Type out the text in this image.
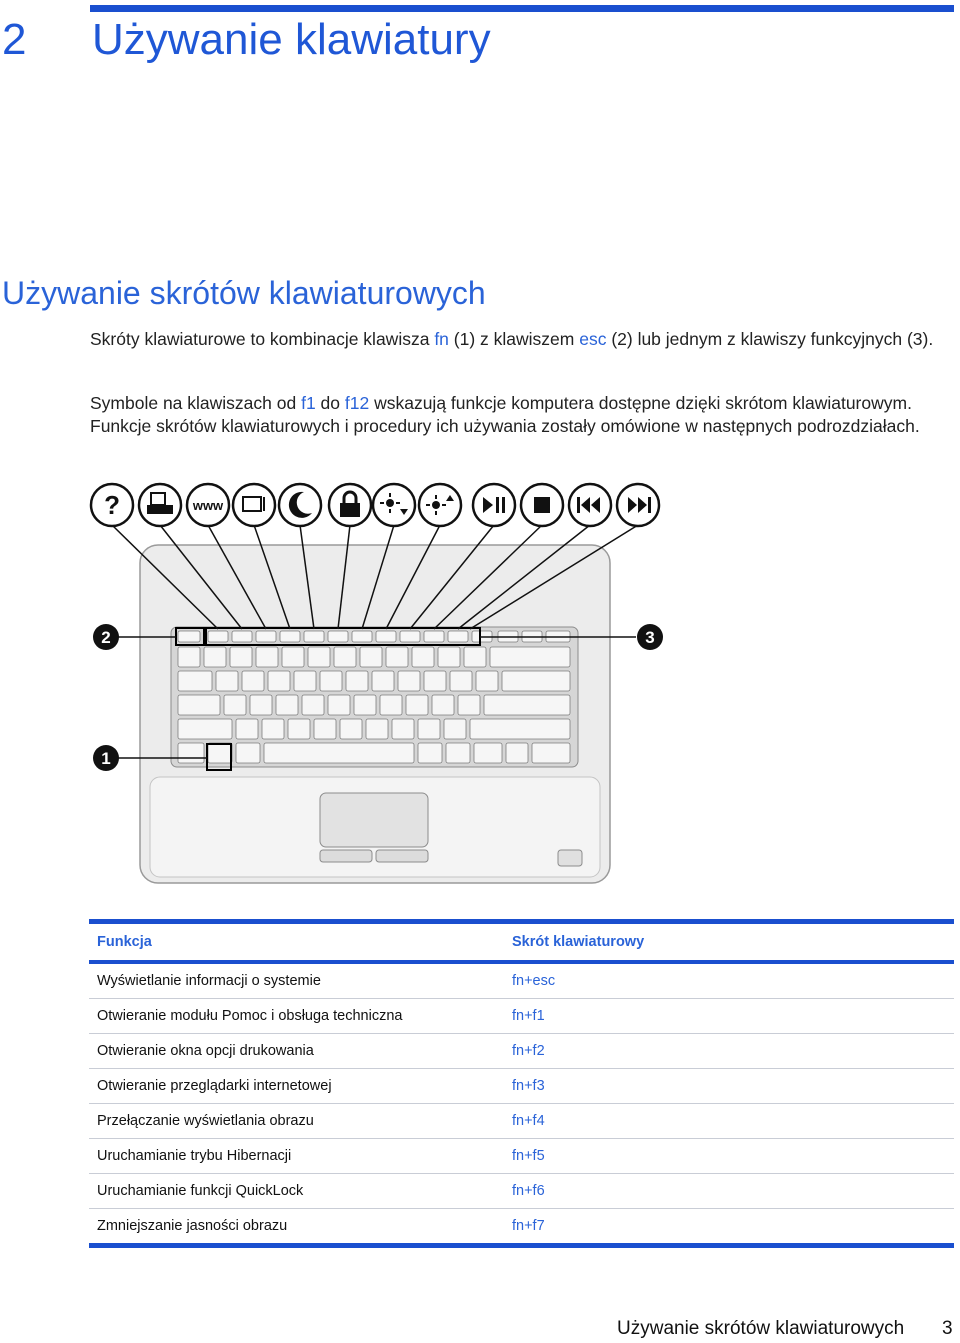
2 Używanie klawiatury
Używanie skrótów klawiaturowych
Skróty klawiaturowe to kombinacje klawisza fn (1) z klawiszem esc (2) lub jednym z klawiszy funkcyjnych (3).
Symbole na klawiszach od f1 do f12 wskazują funkcje komputera dostępne dzięki skrótom klawiaturowym. Funkcje skrótów klawiaturowych i procedury ich używania zostały omówione w następnych podrozdziałach.
?	www
2	3
1
Funkcja	Skrót klawiaturowy
Wyświetlanie informacji o systemie	fn+esc
Otwieranie modułu Pomoc i obsługa techniczna	fn+f1
Otwieranie okna opcji drukowania	fn+f2
Otwieranie przeglądarki internetowej	fn+f3
Przełączanie wyświetlania obrazu	fn+f4
Uruchamianie trybu Hibernacji	fn+f5
Uruchamianie funkcji QuickLock	fn+f6
Zmniejszanie jasności obrazu	fn+f7
Używanie skrótów klawiaturowych 3
